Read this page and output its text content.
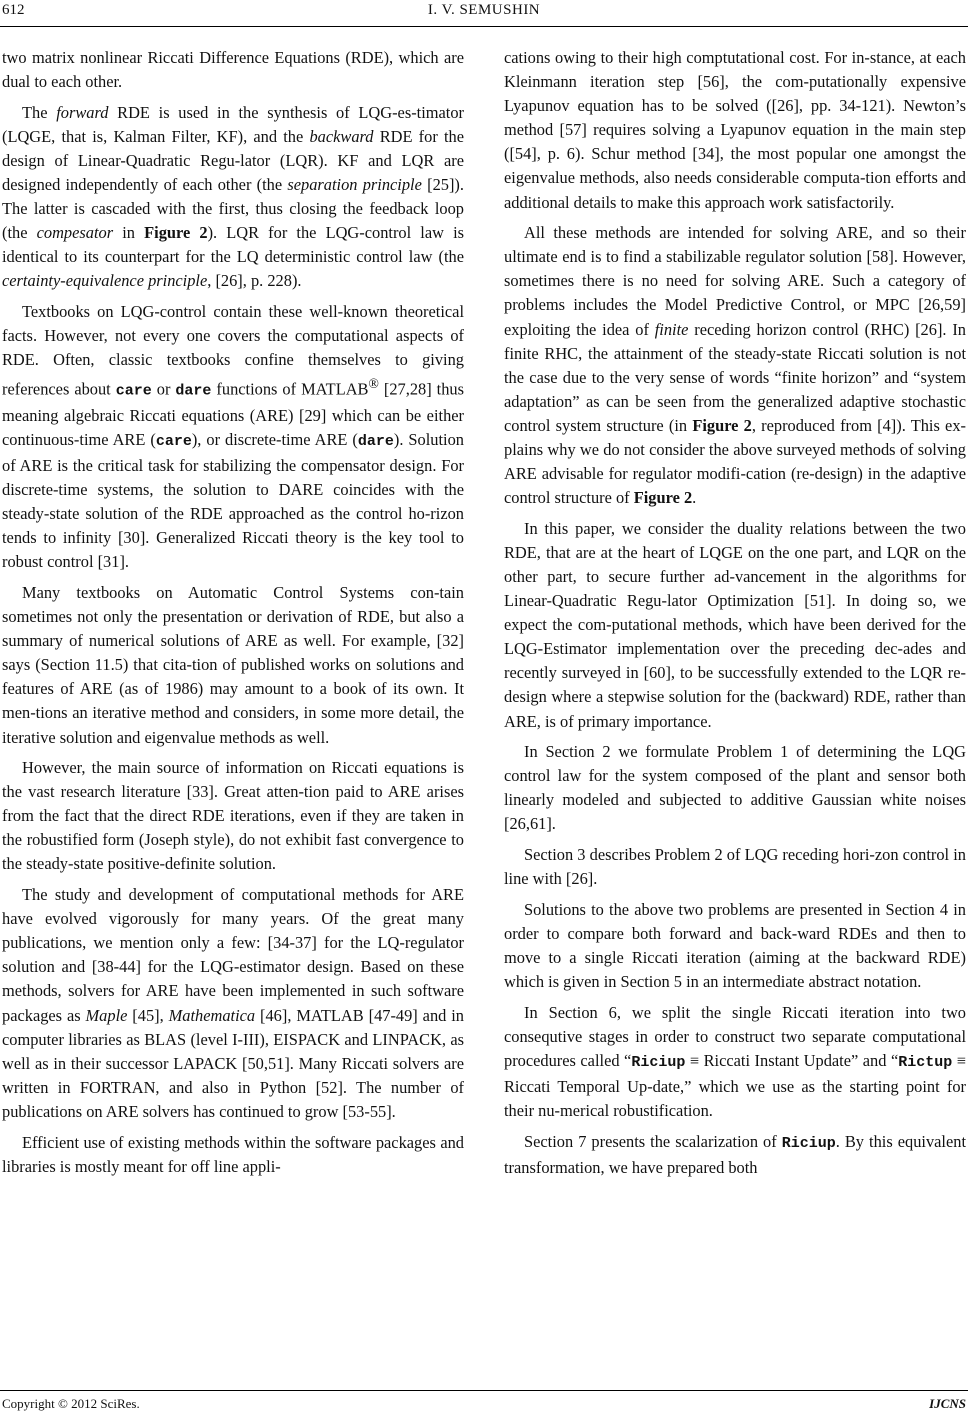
612	I. V. SEMUSHIN

two matrix nonlinear Riccati Difference Equations (RDE), which are dual to each other.

The forward RDE is used in the synthesis of LQG-es-timator (LQGE, that is, Kalman Filter, KF), and the backward RDE for the design of Linear-Quadratic Regu-lator (LQR). KF and LQR are designed independently of each other (the separation principle [25]). The latter is cascaded with the first, thus closing the feedback loop (the compesator in Figure 2). LQR for the LQG-control law is identical to its counterpart for the LQ deterministic control law (the certainty-equivalence principle, [26], p. 228).

Textbooks on LQG-control contain these well-known theoretical facts. However, not every one covers the computational aspects of RDE. Often, classic textbooks confine themselves to giving references about care or dare functions of MATLAB® [27,28] thus meaning algebraic Riccati equations (ARE) [29] which can be either continuous-time ARE (care), or discrete-time ARE (dare). Solution of ARE is the critical task for stabilizing the compensator design. For discrete-time systems, the solution to DARE coincides with the steady-state solution of the RDE approached as the control ho-rizon tends to infinity [30]. Generalized Riccati theory is the key tool to robust control [31].

Many textbooks on Automatic Control Systems con-tain sometimes not only the presentation or derivation of RDE, but also a summary of numerical solutions of ARE as well. For example, [32] says (Section 11.5) that cita-tion of published works on solutions and features of ARE (as of 1986) may amount to a book of its own. It men-tions an iterative method and considers, in some more detail, the iterative solution and eigenvalue methods as well.

However, the main source of information on Riccati equations is the vast research literature [33]. Great atten-tion paid to ARE arises from the fact that the direct RDE iterations, even if they are taken in the robustified form (Joseph style), do not exhibit fast convergence to the steady-state positive-definite solution.

The study and development of computational methods for ARE have evolved vigorously for many years. Of the great many publications, we mention only a few: [34-37] for the LQ-regulator solution and [38-44] for the LQG-estimator design. Based on these methods, solvers for ARE have been implemented in such software packages as Maple [45], Mathematica [46], MATLAB [47-49] and in computer libraries as BLAS (level I-III), EISPACK and LINPACK, as well as in their successor LAPACK [50,51]. Many Riccati solvers are written in FORTRAN, and also in Python [52]. The number of publications on ARE solvers has continued to grow [53-55].

Efficient use of existing methods within the software packages and libraries is mostly meant for off line appli-

cations owing to their high comptutational cost. For in-stance, at each Kleinmann iteration step [56], the com-putationally expensive Lyapunov equation has to be solved ([26], pp. 34-121). Newton’s method [57] requires solving a Lyapunov equation in the main step ([54], p. 6). Schur method [34], the most popular one amongst the eigenvalue methods, also needs considerable computa-tion efforts and additional details to make this approach work satisfactorily.

All these methods are intended for solving ARE, and so their ultimate end is to find a stabilizable regulator solution [58]. However, sometimes there is no need for solving ARE. Such a category of problems includes the Model Predictive Control, or MPC [26,59] exploiting the idea of finite receding horizon control (RHC) [26]. In finite RHC, the attainment of the steady-state Riccati solution is not the case due to the very sense of words “finite horizon” and “system adaptation” as can be seen from the generalized adaptive stochastic control system structure (in Figure 2, reproduced from [4]). This ex-plains why we do not consider the above surveyed methods of solving ARE advisable for regulator modifi-cation (re-design) in the adaptive control structure of Figure 2.

In this paper, we consider the duality relations between the two RDE, that are at the heart of LQGE on the one part, and LQR on the other part, to secure further ad-vancement in the algorithms for Linear-Quadratic Regu-lator Optimization [51]. In doing so, we expect the com-putational methods, which have been derived for the LQG-Estimator implementation over the preceding dec-ades and recently surveyed in [60], to be successfully extended to the LQR re-design where a stepwise solution for the (backward) RDE, rather than ARE, is of primary importance.

In Section 2 we formulate Problem 1 of determining the LQG control law for the system composed of the plant and sensor both linearly modeled and subjected to additive Gaussian white noises [26,61].

Section 3 describes Problem 2 of LQG receding hori-zon control in line with [26].

Solutions to the above two problems are presented in Section 4 in order to compare both forward and back-ward RDEs and then to move to a single Riccati iteration (aiming at the backward RDE) which is given in Section 5 in an intermediate abstract notation.

In Section 6, we split the single Riccati iteration into two consequtive stages in order to construct two separate computational procedures called “Riciup ≡ Riccati Instant Update” and “Rictup ≡ Riccati Temporal Up-date,” which we use as the starting point for their nu-merical robustification.

Section 7 presents the scalarization of Riciup. By this equivalent transformation, we have prepared both

Copyright © 2012 SciRes.	IJCNS
